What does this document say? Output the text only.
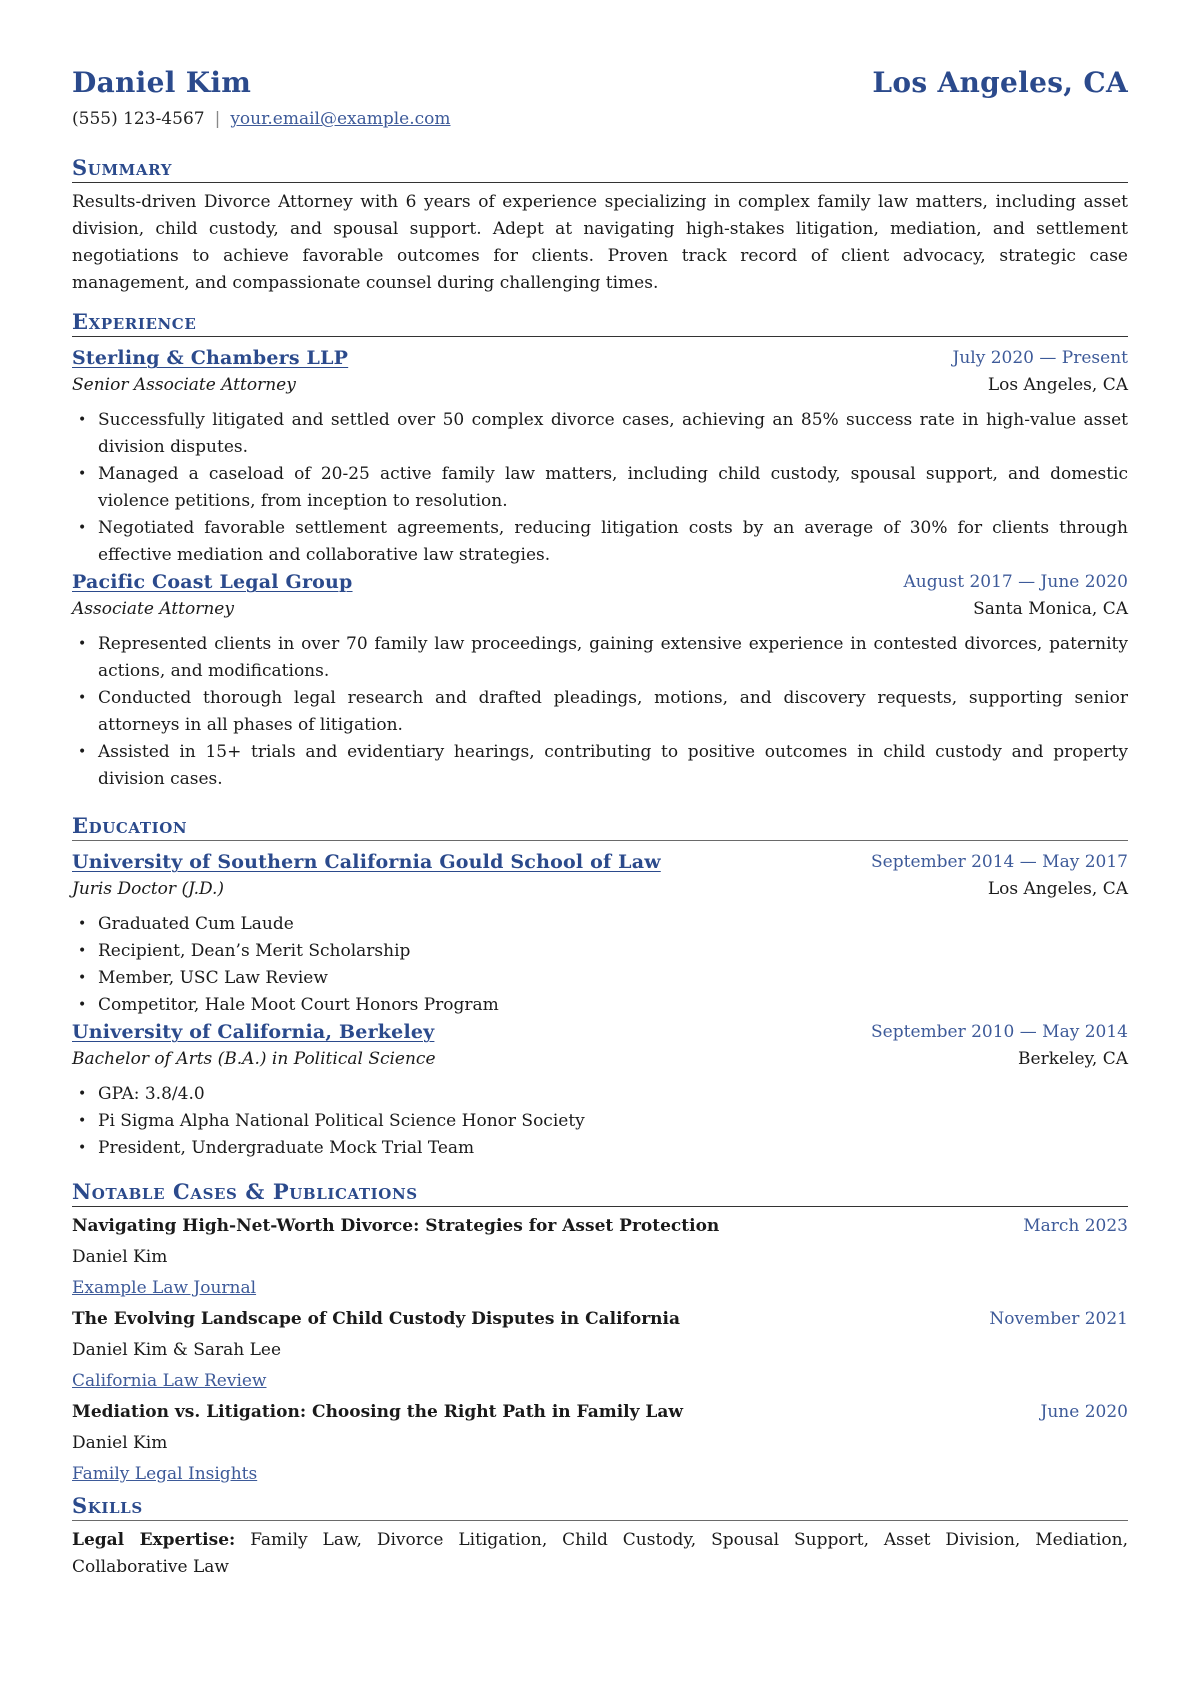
Daniel Kim	Los Angeles, CA
(555) 123-4567 | your.email@example.com
Summary
Results-driven Divorce Attorney with 6 years of experience specializing in complex family law matters, including asset division, child custody, and spousal support. Adept at navigating high-stakes litigation, mediation, and settlement negotiations to achieve favorable outcomes for clients. Proven track record of client advocacy, strategic case management, and compassionate counsel during challenging times.
Experience
Sterling & Chambers LLP	July 2020 — Present
Senior Associate Attorney	Los Angeles, CA
• Successfully litigated and settled over 50 complex divorce cases, achieving an 85% success rate in high-value asset division disputes.
• Managed a caseload of 20-25 active family law matters, including child custody, spousal support, and domestic violence petitions, from inception to resolution.
• Negotiated favorable settlement agreements, reducing litigation costs by an average of 30% for clients through effective mediation and collaborative law strategies.
Pacific Coast Legal Group	August 2017 — June 2020
Associate Attorney	Santa Monica, CA
• Represented clients in over 70 family law proceedings, gaining extensive experience in contested divorces, paternity actions, and modifications.
• Conducted thorough legal research and drafted pleadings, motions, and discovery requests, supporting senior attorneys in all phases of litigation.
• Assisted in 15+ trials and evidentiary hearings, contributing to positive outcomes in child custody and property division cases.
Education
University of Southern California Gould School of Law	September 2014 — May 2017
Juris Doctor (J.D.)	Los Angeles, CA
• Graduated Cum Laude
• Recipient, Dean’s Merit Scholarship
• Member, USC Law Review
• Competitor, Hale Moot Court Honors Program
University of California, Berkeley	September 2010 — May 2014
Bachelor of Arts (B.A.) in Political Science	Berkeley, CA
• GPA: 3.8/4.0
• Pi Sigma Alpha National Political Science Honor Society
• President, Undergraduate Mock Trial Team
Notable Cases & Publications
Navigating High-Net-Worth Divorce: Strategies for Asset Protection	March 2023
Daniel Kim
Example Law Journal
The Evolving Landscape of Child Custody Disputes in California	November 2021
Daniel Kim & Sarah Lee
California Law Review
Mediation vs. Litigation: Choosing the Right Path in Family Law	June 2020
Daniel Kim
Family Legal Insights
Skills
Legal Expertise: Family Law, Divorce Litigation, Child Custody, Spousal Support, Asset Division, Mediation, Collaborative Law
